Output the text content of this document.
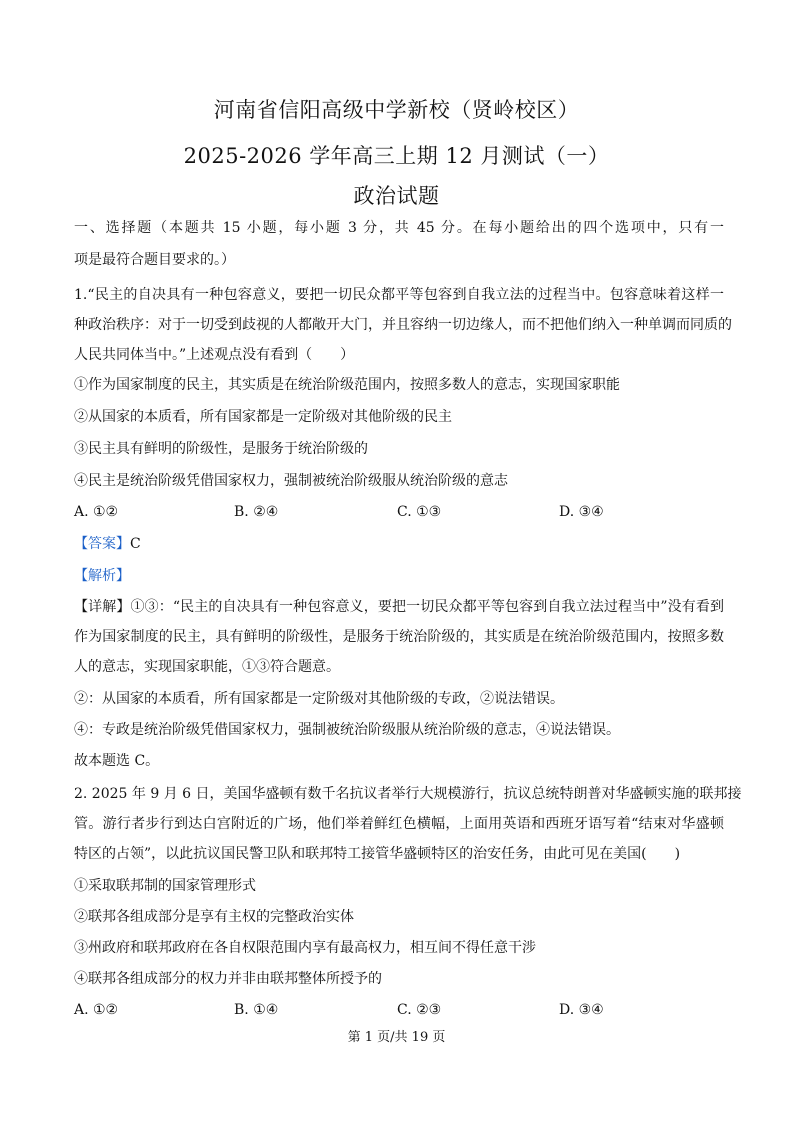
河南省信阳高级中学新校（贤岭校区）
2025-2026 学年高三上期 12 月测试（一）
政治试题
一、选择题（本题共 15 小题，每小题 3 分，共 45 分。在每小题给出的四个选项中，只有一
项是最符合题目要求的。）
1.“民主的自决具有一种包容意义，要把一切民众都平等包容到自我立法的过程当中。包容意味着这样一
种政治秩序：对于一切受到歧视的人都敞开大门，并且容纳一切边缘人，而不把他们纳入一种单调而同质的
人民共同体当中。”上述观点没有看到（　　）
①作为国家制度的民主，其实质是在统治阶级范围内，按照多数人的意志，实现国家职能
②从国家的本质看，所有国家都是一定阶级对其他阶级的民主
③民主具有鲜明的阶级性，是服务于统治阶级的
④民主是统治阶级凭借国家权力，强制被统治阶级服从统治阶级的意志
A. ①②	B. ②④	C. ①③	D. ③④
【答案】C
【解析】
【详解】①③：“民主的自决具有一种包容意义，要把一切民众都平等包容到自我立法过程当中”没有看到
作为国家制度的民主，具有鲜明的阶级性，是服务于统治阶级的，其实质是在统治阶级范围内，按照多数
人的意志，实现国家职能，①③符合题意。
②：从国家的本质看，所有国家都是一定阶级对其他阶级的专政，②说法错误。
④：专政是统治阶级凭借国家权力，强制被统治阶级服从统治阶级的意志，④说法错误。
故本题选 C。
2. 2025 年 9 月 6 日，美国华盛顿有数千名抗议者举行大规模游行，抗议总统特朗普对华盛顿实施的联邦接
管。游行者步行到达白宫附近的广场，他们举着鲜红色横幅，上面用英语和西班牙语写着“结束对华盛顿
特区的占领”，以此抗议国民警卫队和联邦特工接管华盛顿特区的治安任务，由此可见在美国(　　)
①采取联邦制的国家管理形式
②联邦各组成部分是享有主权的完整政治实体
③州政府和联邦政府在各自权限范围内享有最高权力，相互间不得任意干涉
④联邦各组成部分的权力并非由联邦整体所授予的
A. ①②	B. ①④	C. ②③	D. ③④
第 1 页/共 19 页
